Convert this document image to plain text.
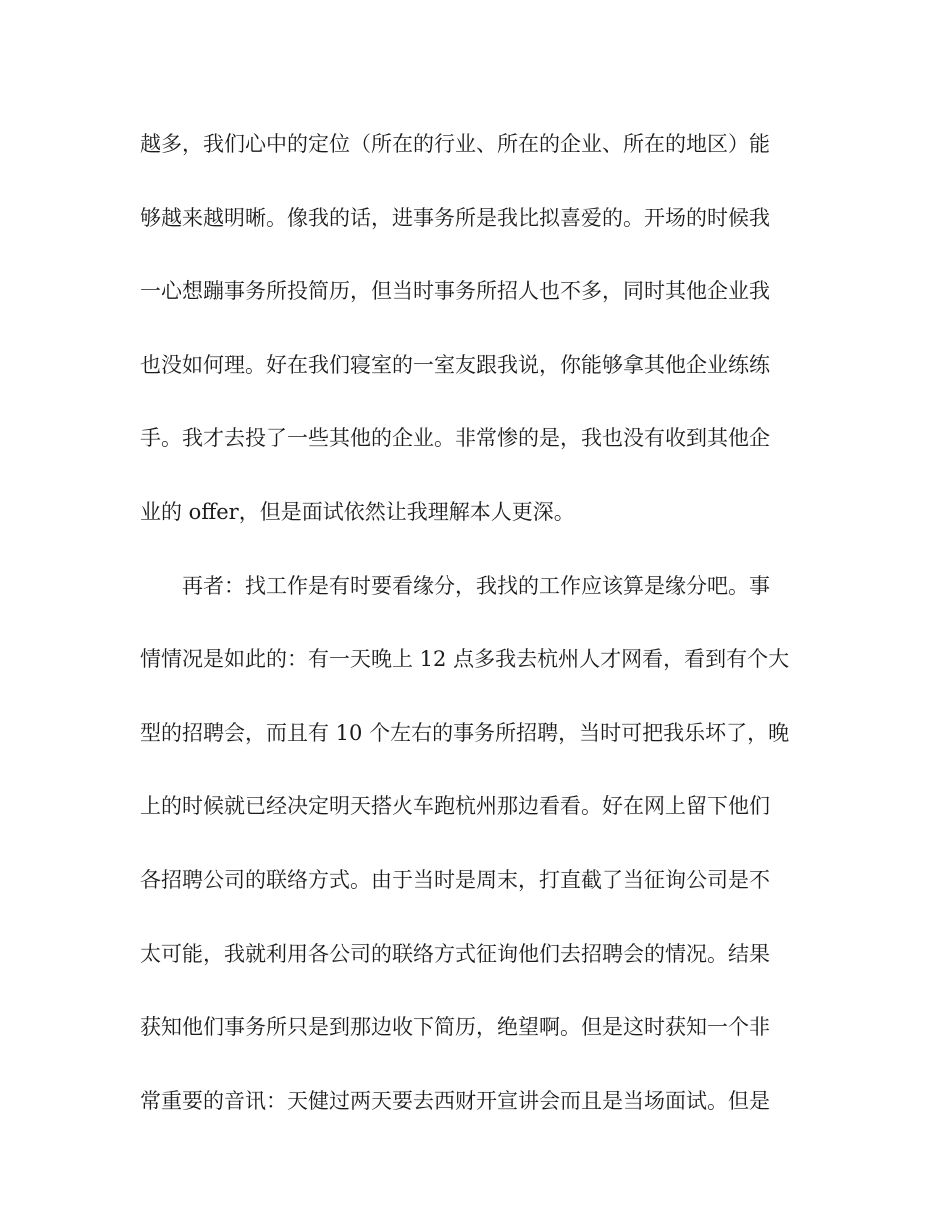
越多，我们心中的定位（所在的行业、所在的企业、所在的地区）能
够越来越明晰。像我的话，进事务所是我比拟喜爱的。开场的时候我
一心想蹦事务所投简历，但当时事务所招人也不多，同时其他企业我
也没如何理。好在我们寝室的一室友跟我说，你能够拿其他企业练练
手。我才去投了一些其他的企业。非常惨的是，我也没有收到其他企
业的 offer，但是面试依然让我理解本人更深。
　　再者：找工作是有时要看缘分，我找的工作应该算是缘分吧。事
情情况是如此的：有一天晚上 12 点多我去杭州人才网看，看到有个大
型的招聘会，而且有 10 个左右的事务所招聘，当时可把我乐坏了，晚
上的时候就已经决定明天搭火车跑杭州那边看看。好在网上留下他们
各招聘公司的联络方式。由于当时是周末，打直截了当征询公司是不
太可能，我就利用各公司的联络方式征询他们去招聘会的情况。结果
获知他们事务所只是到那边收下简历，绝望啊。但是这时获知一个非
常重要的音讯：天健过两天要去西财开宣讲会而且是当场面试。但是
